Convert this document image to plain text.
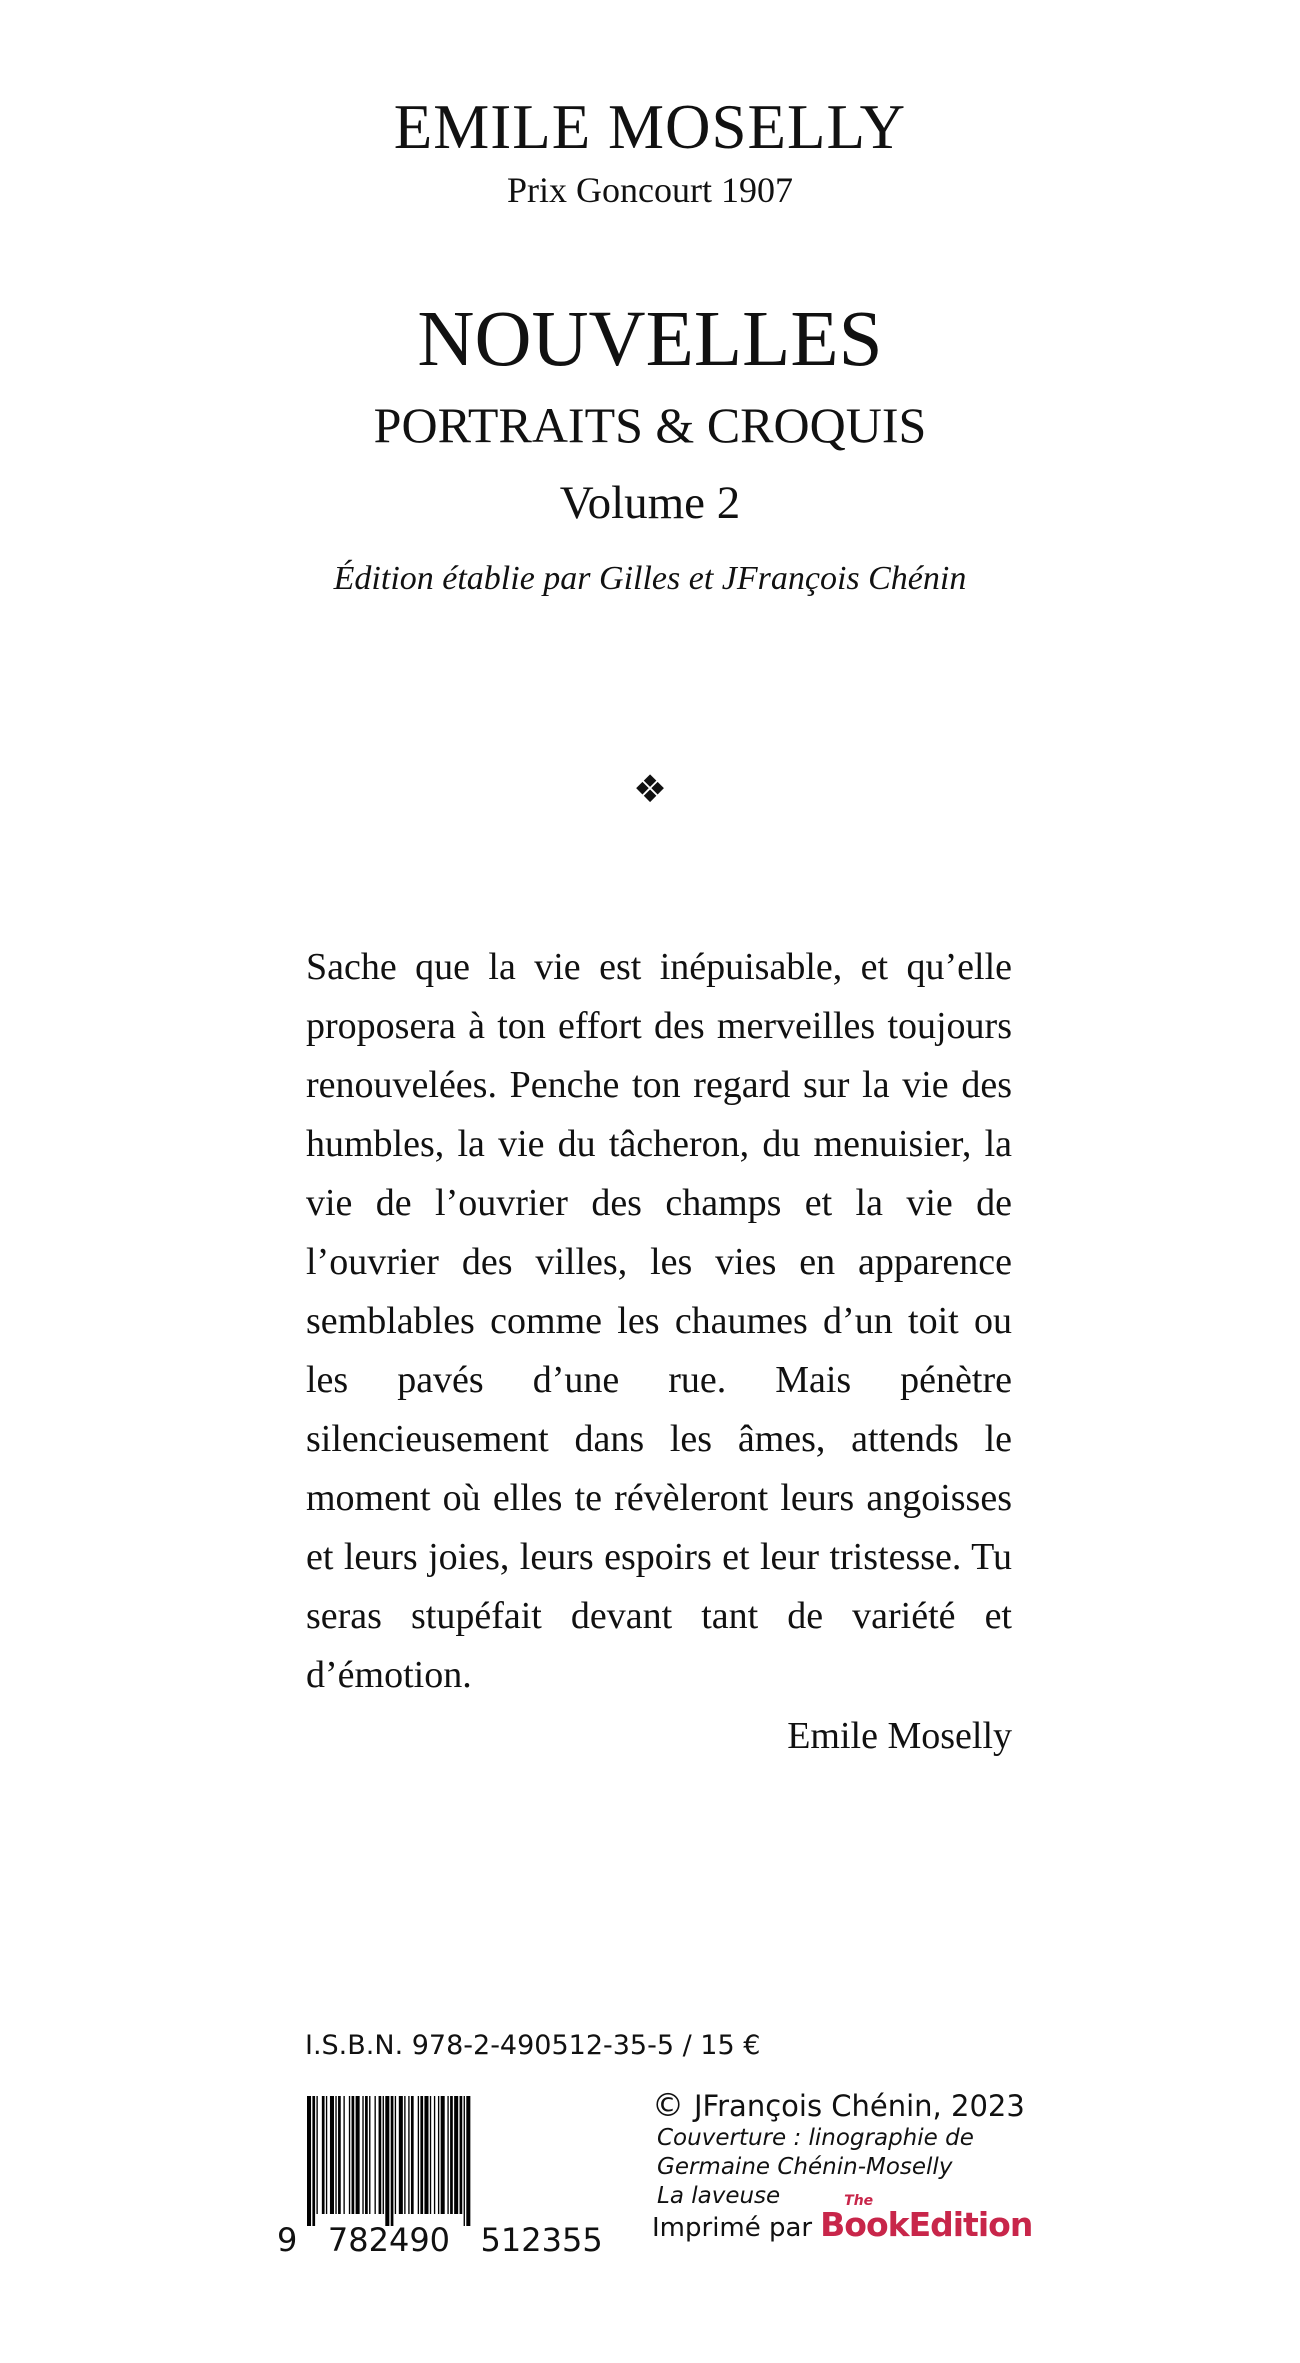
EMILE MOSELLY

Prix Goncourt 1907

NOUVELLES

PORTRAITS & CROQUIS

Volume 2

Édition établie par Gilles et JFrançois Chénin

❖

Sache que la vie est inépuisable, et qu’elle proposera à ton effort des merveilles toujours renouvelées. Penche ton regard sur la vie des humbles, la vie du tâcheron, du menuisier, la vie de l’ouvrier des champs et la vie de l’ouvrier des villes, les vies en apparence semblables comme les chaumes d’un toit ou les pavés d’une rue. Mais pénètre silencieusement dans les âmes, attends le moment où elles te révèleront leurs angoisses et leurs joies, leurs espoirs et leur tristesse. Tu seras stupéfait devant tant de variété et d’émotion.

Emile Moselly

I.S.B.N. 978-2-490512-35-5 / 15 €
9   782490   512355
© JFrançois Chénin, 2023
Couverture : linographie de
Germaine Chénin-Moselly
La laveuse
Imprimé par
The
BookEdition
